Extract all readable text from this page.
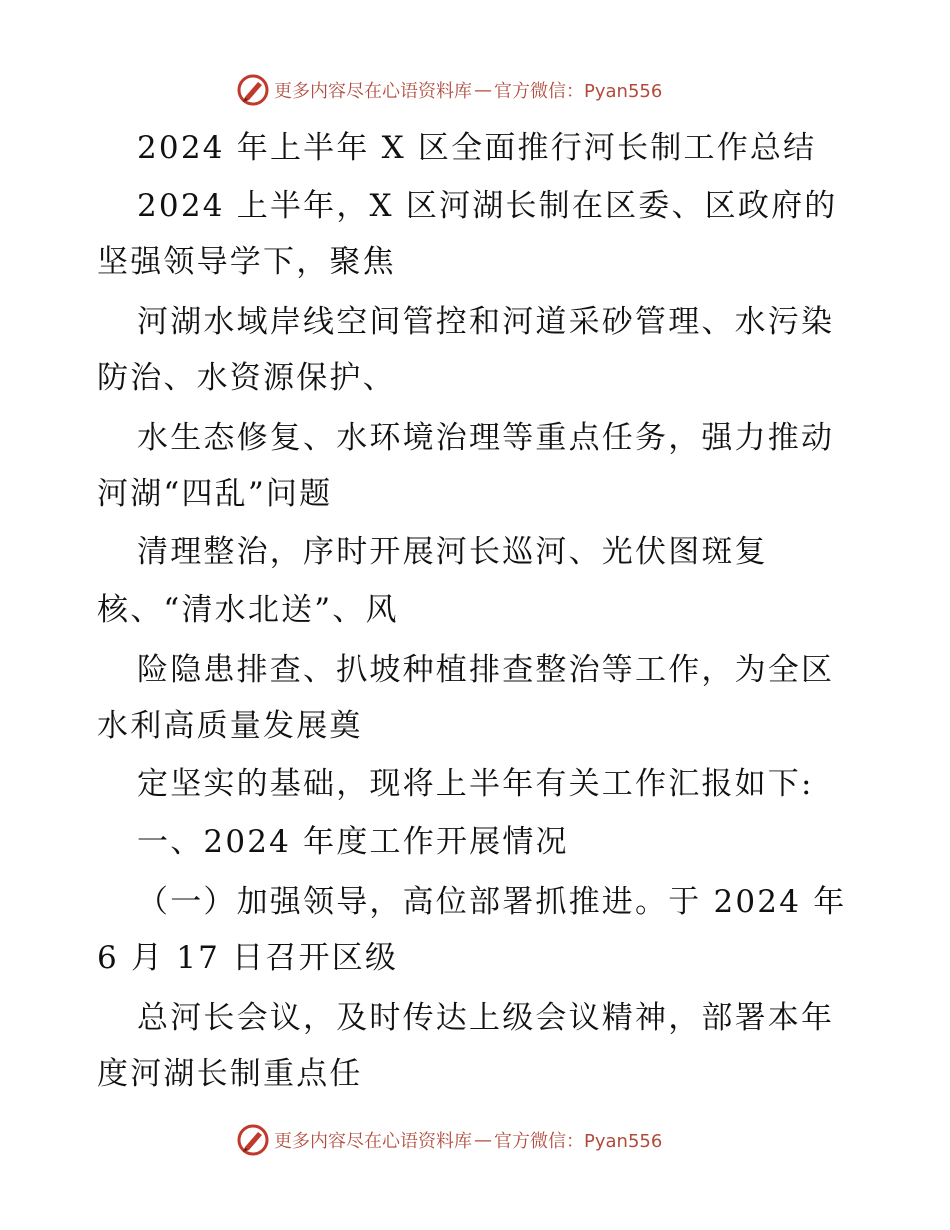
更多内容尽在心语资料库 — 官方微信：Pyan556
2024 年上半年 X 区全面推行河长制工作总结
2024 上半年，X 区河湖长制在区委、区政府的
坚强领导学下，聚焦
河湖水域岸线空间管控和河道采砂管理、水污染
防治、水资源保护、
水生态修复、水环境治理等重点任务，强力推动
河湖“四乱”问题
清理整治，序时开展河长巡河、光伏图斑复
核、“清水北送”、风
险隐患排查、扒坡种植排查整治等工作，为全区
水利高质量发展奠
定坚实的基础，现将上半年有关工作汇报如下:
一、2024 年度工作开展情况
（一）加强领导，高位部署抓推进。于 2024 年
6 月 17 日召开区级
总河长会议，及时传达上级会议精神，部署本年
度河湖长制重点任
更多内容尽在心语资料库 — 官方微信：Pyan556
